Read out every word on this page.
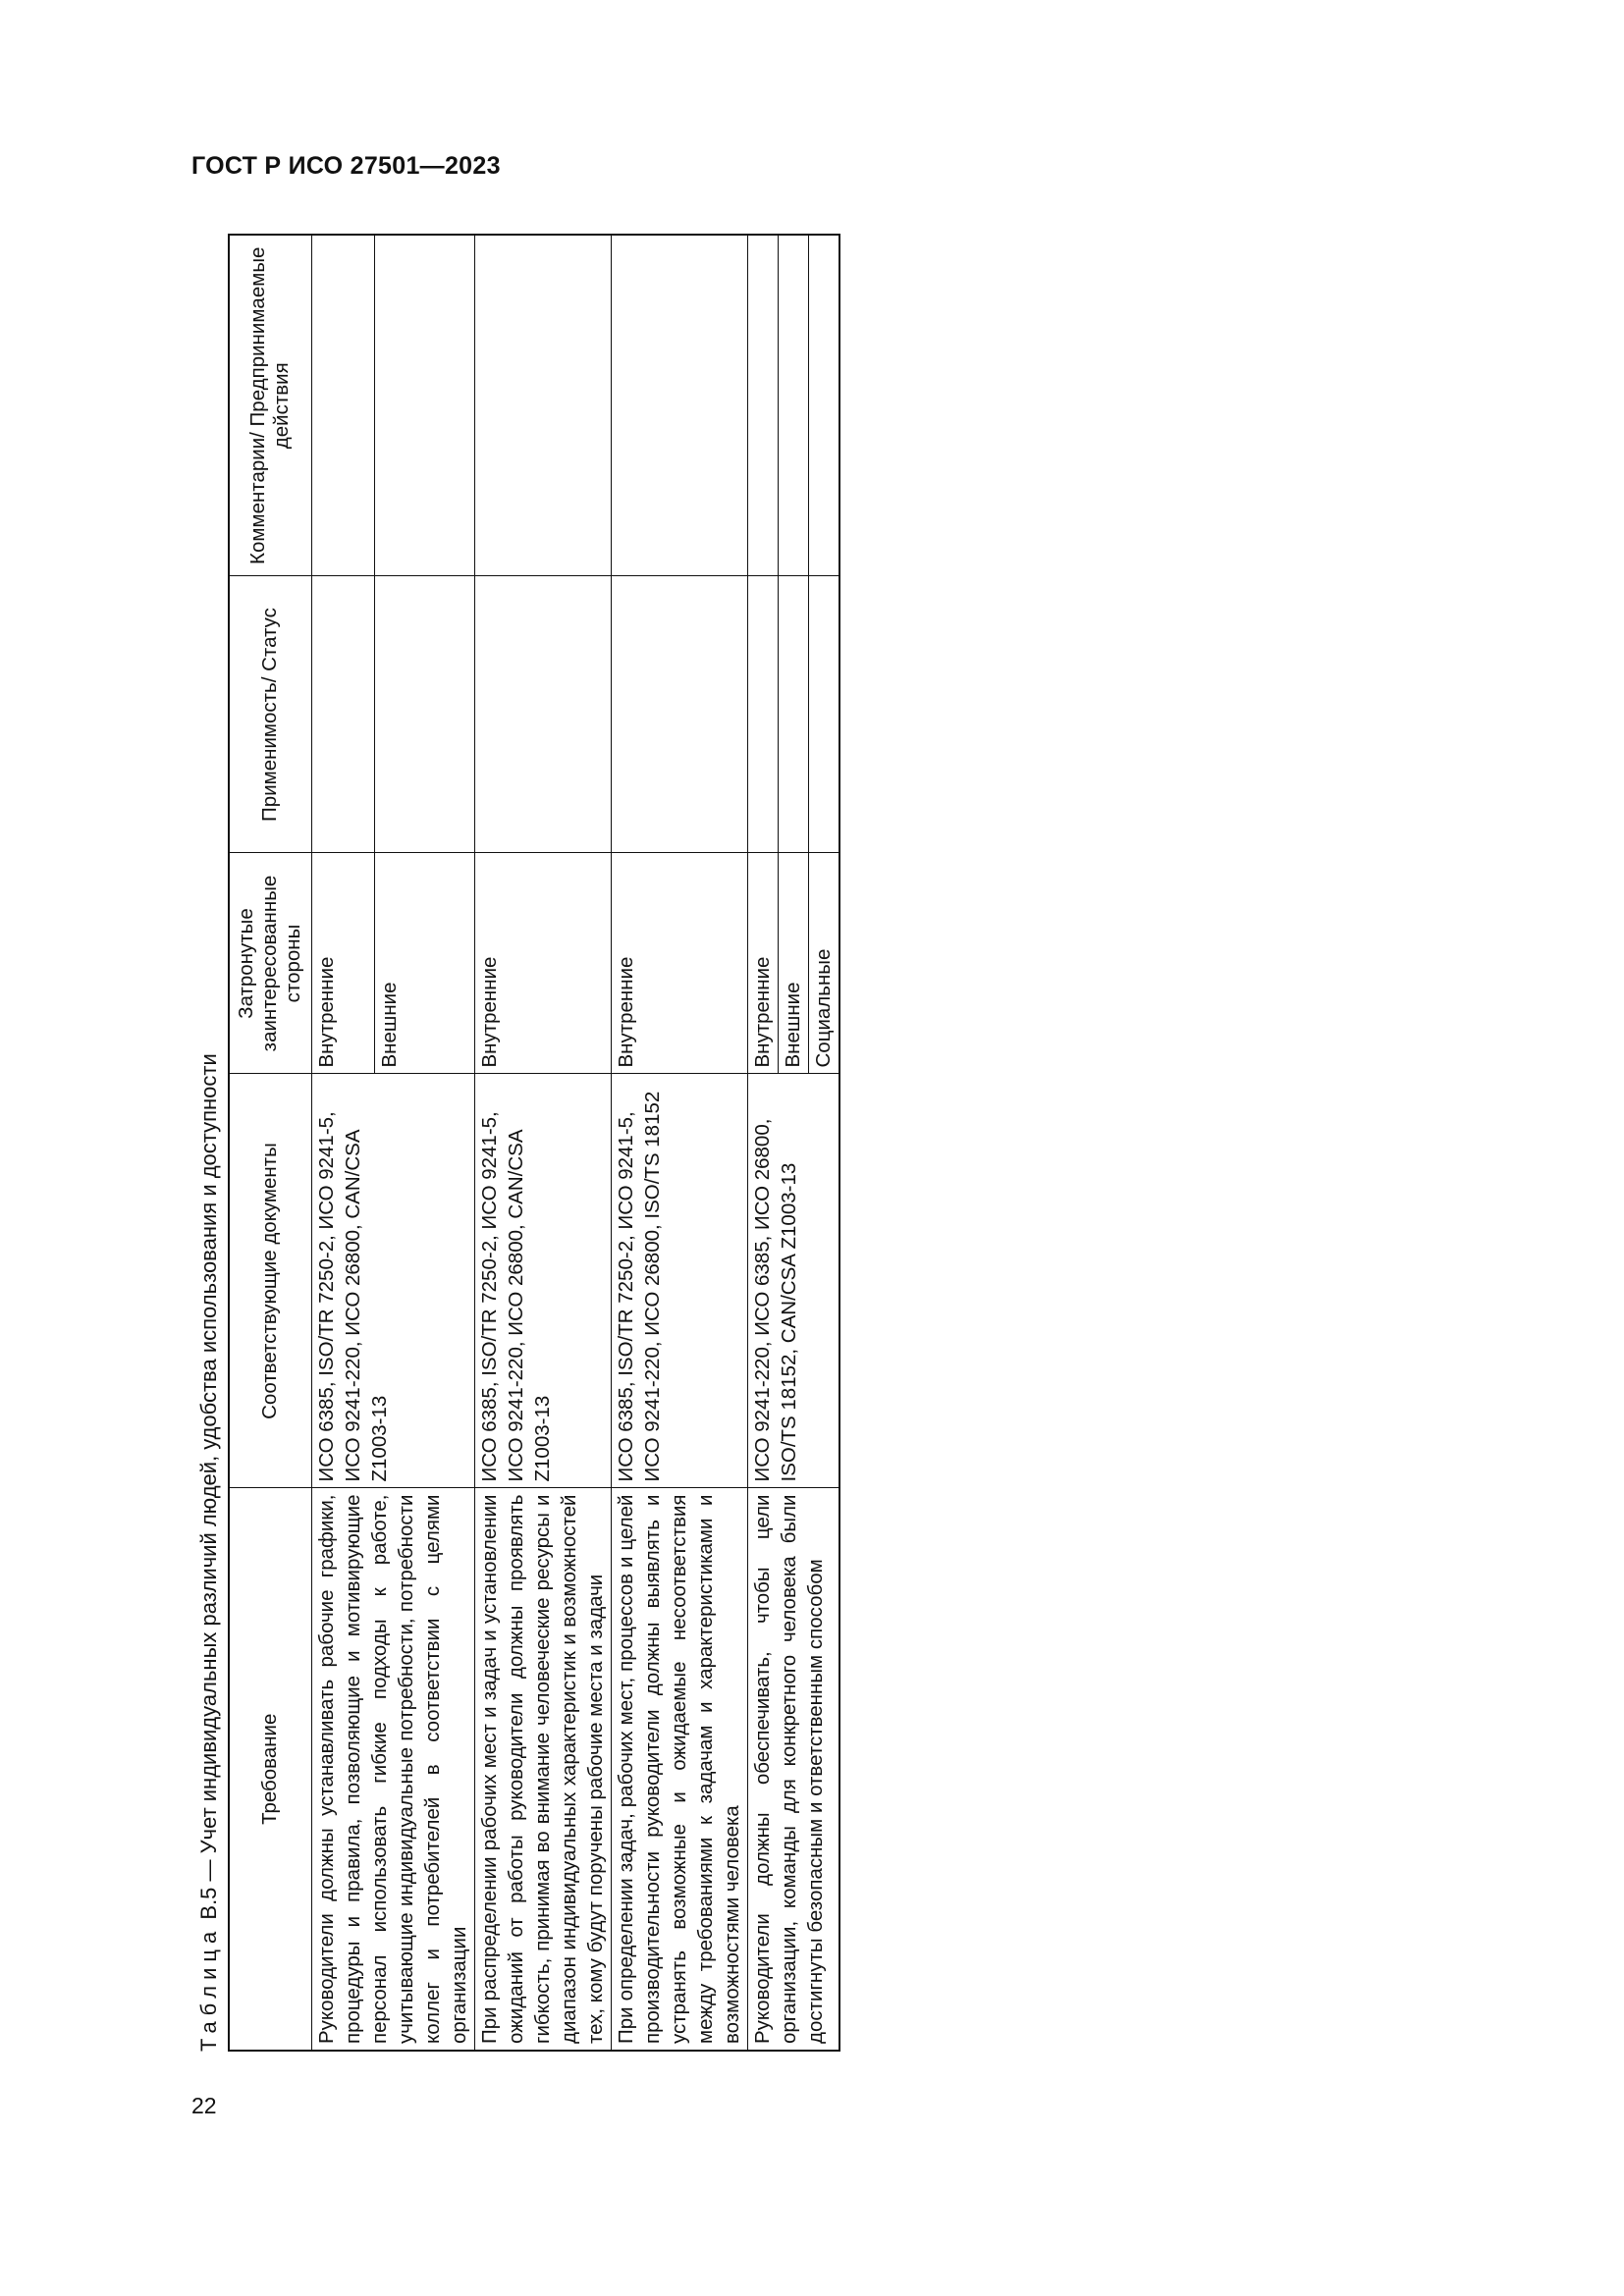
ГОСТ Р ИСО 27501—2023
Таблица В.5 — Учет индивидуальных различий людей, удобства использования и доступности Требование	Соответствующие документы	Затронутые заинтересованные стороны	Применимость/ Статус	Комментарии/ Предпринимаемые действия
Руководители должны устанавливать рабочие графики, процедуры и правила, позволяющие и мотивирующие персонал использовать гибкие подходы к работе, учитывающие индивидуальные потребности, потребности коллег и потребителей в соответствии с целями организации	ИСО 6385, ISO/TR 7250-2, ИСО 9241-5, ИСО 9241-220, ИСО 26800, CAN/CSA Z1003-13	Внутренние		
		Внешние		
При распределении рабочих мест и задач и установлении ожиданий от работы руководители должны проявлять гибкость, принимая во внимание человеческие ресурсы и диапазон индивидуальных характеристик и возможностей тех, кому будут поручены рабочие места и задачи	ИСО 6385, ISO/TR 7250-2, ИСО 9241-5, ИСО 9241-220, ИСО 26800, CAN/CSA Z1003-13	Внутренние		
При определении задач, рабочих мест, процессов и целей производительности руководители должны выявлять и устранять возможные и ожидаемые несоответствия между требованиями к задачам и характеристиками и возможностями человека	ИСО 6385, ISO/TR 7250-2, ИСО 9241-5, ИСО 9241-220, ИСО 26800, ISO/TS 18152	Внутренние		
Руководители должны обеспечивать, чтобы цели организации, команды для конкретного человека были достигнуты безопасным и ответственным способом	ИСО 9241-220, ИСО 6385, ИСО 26800, ISO/TS 18152, CAN/CSA Z1003-13	Внутренние		
		Внешние		
		Социальные		
22
